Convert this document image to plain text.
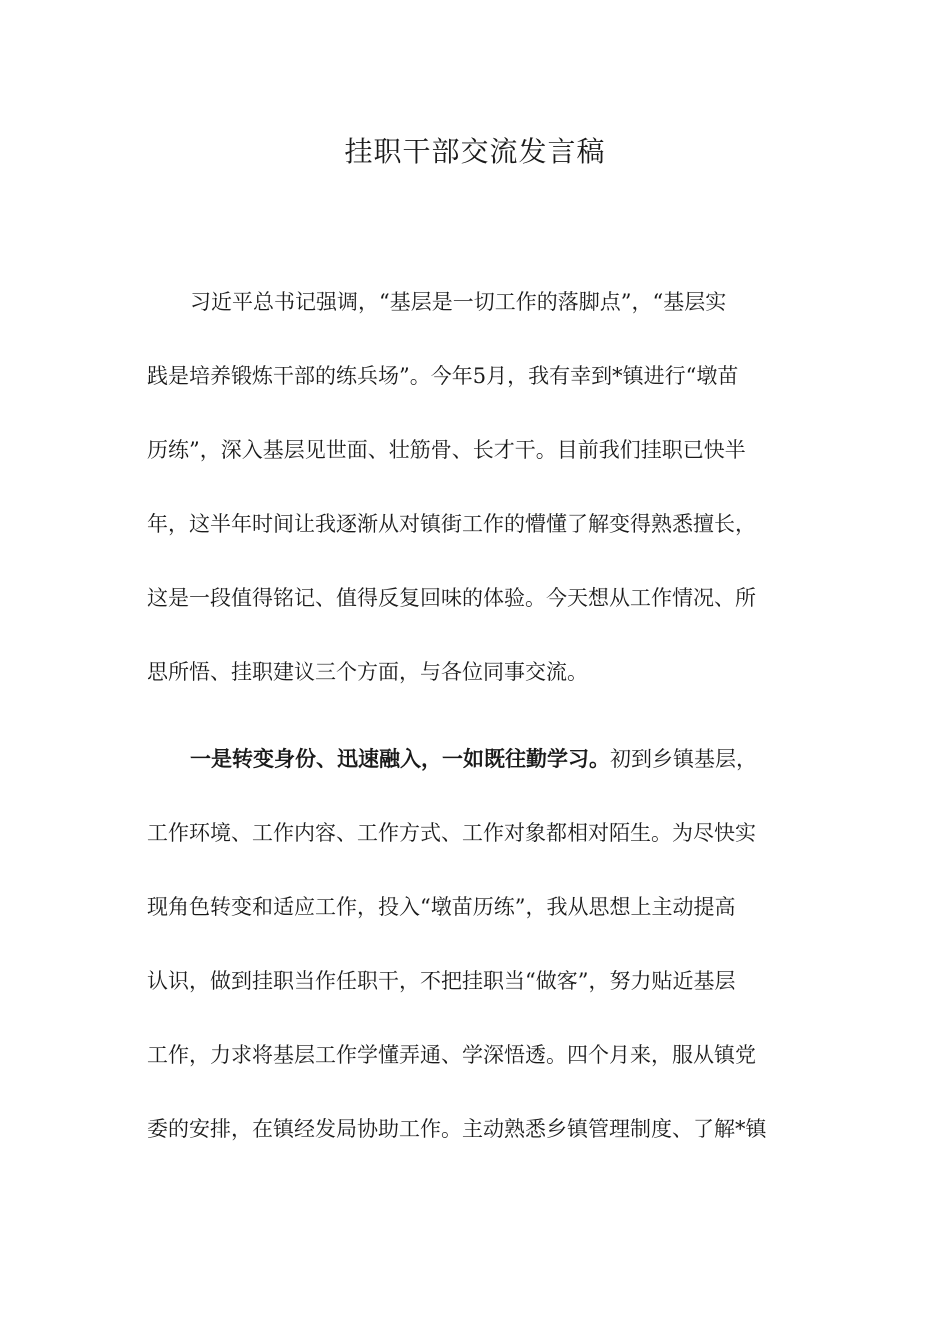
挂职干部交流发言稿
习近平总书记强调，“基层是一切工作的落脚点”，“基层实
践是培养锻炼干部的练兵场”。今年5月，我有幸到*镇进行“墩苗
历练”，深入基层见世面、壮筋骨、长才干。目前我们挂职已快半
年，这半年时间让我逐渐从对镇街工作的懵懂了解变得熟悉擅长，
这是一段值得铭记、值得反复回味的体验。今天想从工作情况、所
思所悟、挂职建议三个方面，与各位同事交流。
一是转变身份、迅速融入，一如既往勤学习。初到乡镇基层，
工作环境、工作内容、工作方式、工作对象都相对陌生。为尽快实
现角色转变和适应工作，投入“墩苗历练”，我从思想上主动提高
认识，做到挂职当作任职干，不把挂职当“做客”，努力贴近基层
工作，力求将基层工作学懂弄通、学深悟透。四个月来，服从镇党
委的安排，在镇经发局协助工作。主动熟悉乡镇管理制度、了解*镇
